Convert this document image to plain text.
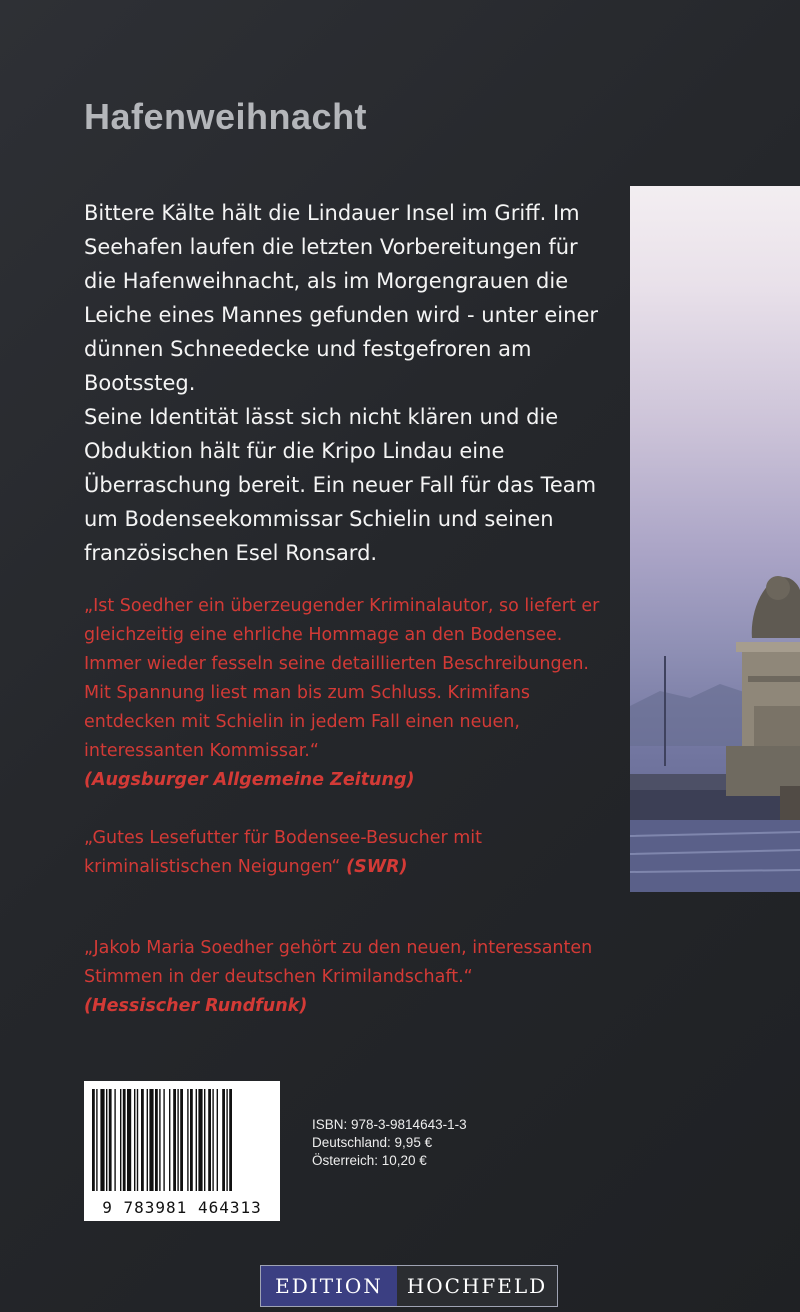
Hafenweihnacht

Bittere Kälte hält die Lindauer Insel im Griff. Im Seehafen laufen die letzten Vorbereitungen für die Hafenweihnacht, als im Morgengrauen die Leiche eines Mannes gefunden wird - unter einer dünnen Schneedecke und festgefroren am Bootssteg.

Seine Identität lässt sich nicht klären und die Obduktion hält für die Kripo Lindau eine Überraschung bereit. Ein neuer Fall für das Team um Bodenseekommissar Schielin und seinen französischen Esel Ronsard.

„Ist Soedher ein überzeugender Kriminalautor, so liefert er gleichzeitig eine ehrliche Hommage an den Bodensee. Immer wieder fesseln seine detaillierten Beschreibungen. Mit Spannung liest man bis zum Schluss. Krimifans entdecken mit Schielin in jedem Fall einen neuen, interessanten Kommissar.“
(Augsburger Allgemeine Zeitung)
„Gutes Lesefutter für Bodensee-Besucher mit kriminalistischen Neigungen“ (SWR)
„Jakob Maria Soedher gehört zu den neuen, interessanten Stimmen in der deutschen Krimilandschaft.“
(Hessischer Rundfunk)
9 783981 464313
ISBN: 978-3-9814643-1-3
Deutschland: 9,95 €
Österreich: 10,20 €
EDITION	HOCHFELD
